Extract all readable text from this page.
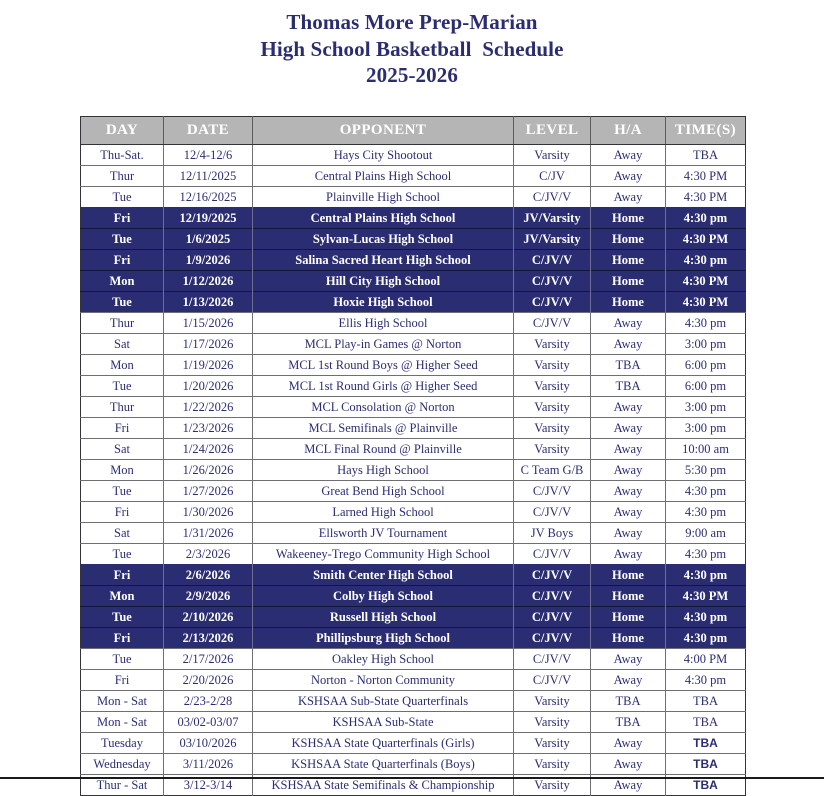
Thomas More Prep-Marian
High School Basketball  Schedule
2025-2026
DAY	DATE	OPPONENT	LEVEL	H/A	TIME(S)
Thu-Sat.	12/4-12/6	Hays City Shootout	Varsity	Away	TBA
Thur	12/11/2025	Central Plains High School	C/JV	Away	4:30 PM
Tue	12/16/2025	Plainville High School	C/JV/V	Away	4:30 PM
Fri	12/19/2025	Central Plains High School	JV/Varsity	Home	4:30 pm
Tue	1/6/2025	Sylvan-Lucas High School	JV/Varsity	Home	4:30 PM
Fri	1/9/2026	Salina Sacred Heart High School	C/JV/V	Home	4:30 pm
Mon	1/12/2026	Hill City High School	C/JV/V	Home	4:30 PM
Tue	1/13/2026	Hoxie High School	C/JV/V	Home	4:30 PM
Thur	1/15/2026	Ellis High School	C/JV/V	Away	4:30 pm
Sat	1/17/2026	MCL Play-in Games @ Norton	Varsity	Away	3:00 pm
Mon	1/19/2026	MCL 1st Round Boys @ Higher Seed	Varsity	TBA	6:00 pm
Tue	1/20/2026	MCL 1st Round Girls @ Higher Seed	Varsity	TBA	6:00 pm
Thur	1/22/2026	MCL Consolation @ Norton	Varsity	Away	3:00 pm
Fri	1/23/2026	MCL Semifinals @ Plainville	Varsity	Away	3:00 pm
Sat	1/24/2026	MCL Final Round @ Plainville	Varsity	Away	10:00 am
Mon	1/26/2026	Hays High School	C Team G/B	Away	5:30 pm
Tue	1/27/2026	Great Bend High School	C/JV/V	Away	4:30 pm
Fri	1/30/2026	Larned High School	C/JV/V	Away	4:30 pm
Sat	1/31/2026	Ellsworth JV Tournament	JV Boys	Away	9:00 am
Tue	2/3/2026	Wakeeney-Trego Community High School	C/JV/V	Away	4:30 pm
Fri	2/6/2026	Smith Center High School	C/JV/V	Home	4:30 pm
Mon	2/9/2026	Colby High School	C/JV/V	Home	4:30 PM
Tue	2/10/2026	Russell High School	C/JV/V	Home	4:30 pm
Fri	2/13/2026	Phillipsburg High School	C/JV/V	Home	4:30 pm
Tue	2/17/2026	Oakley High School	C/JV/V	Away	4:00 PM
Fri	2/20/2026	Norton - Norton Community	C/JV/V	Away	4:30 pm
Mon - Sat	2/23-2/28	KSHSAA Sub-State Quarterfinals	Varsity	TBA	TBA
Mon - Sat	03/02-03/07	KSHSAA Sub-State	Varsity	TBA	TBA
Tuesday	03/10/2026	KSHSAA State Quarterfinals (Girls)	Varsity	Away	TBA
Wednesday	3/11/2026	KSHSAA State Quarterfinals (Boys)	Varsity	Away	TBA
Thur - Sat	3/12-3/14	KSHSAA State Semifinals & Championship	Varsity	Away	TBA
